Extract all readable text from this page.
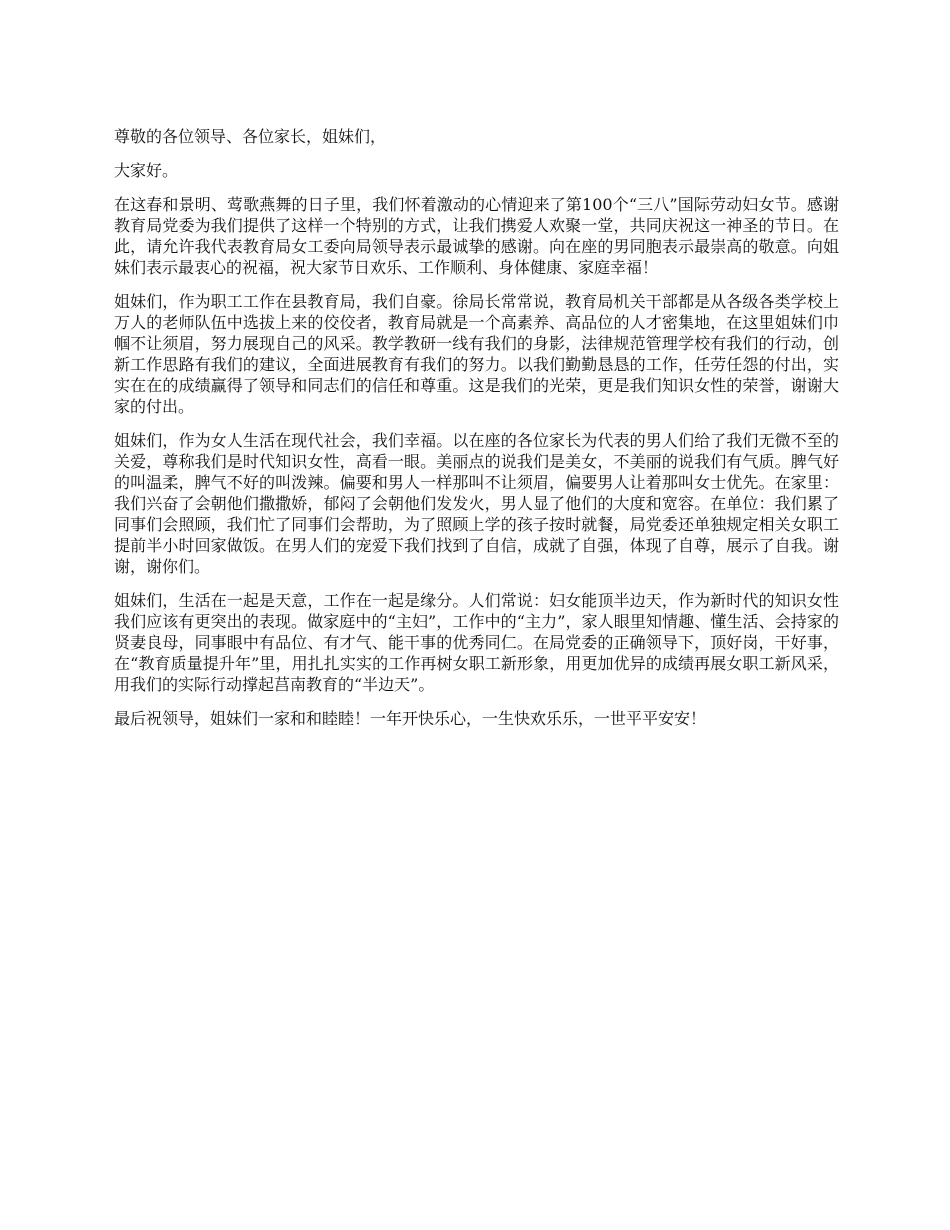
尊敬的各位领导、各位家长，姐妹们，

大家好。

在这春和景明、莺歌燕舞的日子里，我们怀着激动的心情迎来了第100个“三八”国际劳动妇女节。感谢教育局党委为我们提供了这样一个特别的方式，让我们携爱人欢聚一堂，共同庆祝这一神圣的节日。在此，请允许我代表教育局女工委向局领导表示最诚挚的感谢。向在座的男同胞表示最崇高的敬意。向姐妹们表示最衷心的祝福，祝大家节日欢乐、工作顺利、身体健康、家庭幸福！

姐妹们，作为职工工作在县教育局，我们自豪。徐局长常常说，教育局机关干部都是从各级各类学校上万人的老师队伍中选拔上来的佼佼者，教育局就是一个高素养、高品位的人才密集地，在这里姐妹们巾帼不让须眉，努力展现自己的风采。教学教研一线有我们的身影，法律规范管理学校有我们的行动，创新工作思路有我们的建议，全面进展教育有我们的努力。以我们勤勤恳恳的工作，任劳任怨的付出，实实在在的成绩赢得了领导和同志们的信任和尊重。这是我们的光荣，更是我们知识女性的荣誉，谢谢大家的付出。

姐妹们，作为女人生活在现代社会，我们幸福。以在座的各位家长为代表的男人们给了我们无微不至的关爱，尊称我们是时代知识女性，高看一眼。美丽点的说我们是美女，不美丽的说我们有气质。脾气好的叫温柔，脾气不好的叫泼辣。偏要和男人一样那叫不让须眉，偏要男人让着那叫女士优先。在家里：我们兴奋了会朝他们撒撒娇，郁闷了会朝他们发发火，男人显了他们的大度和宽容。在单位：我们累了同事们会照顾，我们忙了同事们会帮助，为了照顾上学的孩子按时就餐，局党委还单独规定相关女职工提前半小时回家做饭。在男人们的宠爱下我们找到了自信，成就了自强，体现了自尊，展示了自我。谢谢，谢你们。

姐妹们，生活在一起是天意，工作在一起是缘分。人们常说：妇女能顶半边天，作为新时代的知识女性我们应该有更突出的表现。做家庭中的“主妇”，工作中的“主力”，家人眼里知情趣、懂生活、会持家的贤妻良母，同事眼中有品位、有才气、能干事的优秀同仁。在局党委的正确领导下，顶好岗，干好事，在“教育质量提升年”里，用扎扎实实的工作再树女职工新形象，用更加优异的成绩再展女职工新风采，用我们的实际行动撑起莒南教育的“半边天”。

最后祝领导，姐妹们一家和和睦睦！一年开快乐心，一生快欢乐乐，一世平平安安！
